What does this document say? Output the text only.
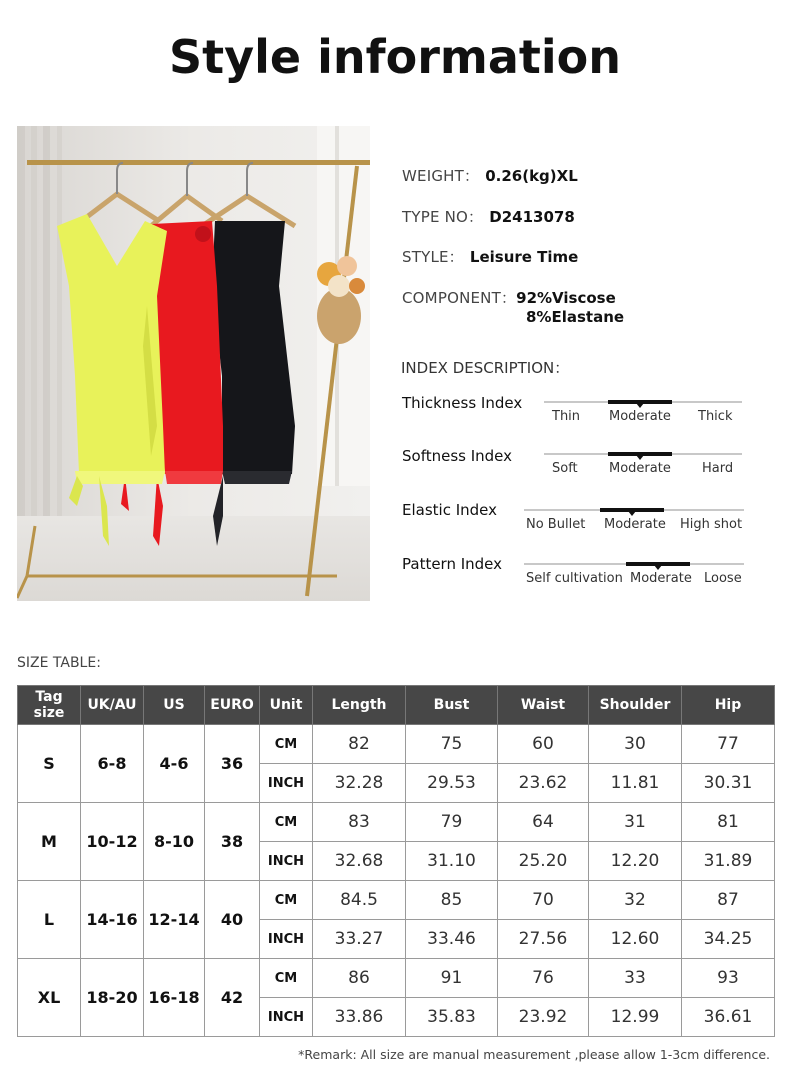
Style information
WEIGHT： 0.26(kg)XL
TYPE NO： D2413078
STYLE： Leisure Time
COMPONENT：92%Viscose
8%Elastane
INDEX DESCRIPTION：
Thickness Index
Thin Moderate Thick
Softness Index
Soft Moderate Hard
Elastic Index
No Bullet Moderate High shot
Pattern Index
Self cultivation Moderate Loose
SIZE TABLE:
Tag size	UK/AU	US	EURO	Unit	Length	Bust	Waist	Shoulder	Hip
S	6-8	4-6	36	CM	82	75	60	30	77
				INCH	32.28	29.53	23.62	11.81	30.31
M	10-12	8-10	38	CM	83	79	64	31	81
				INCH	32.68	31.10	25.20	12.20	31.89
L	14-16	12-14	40	CM	84.5	85	70	32	87
				INCH	33.27	33.46	27.56	12.60	34.25
XL	18-20	16-18	42	CM	86	91	76	33	93
				INCH	33.86	35.83	23.92	12.99	36.61
*Remark: All size are manual measurement ,please allow 1-3cm difference.
